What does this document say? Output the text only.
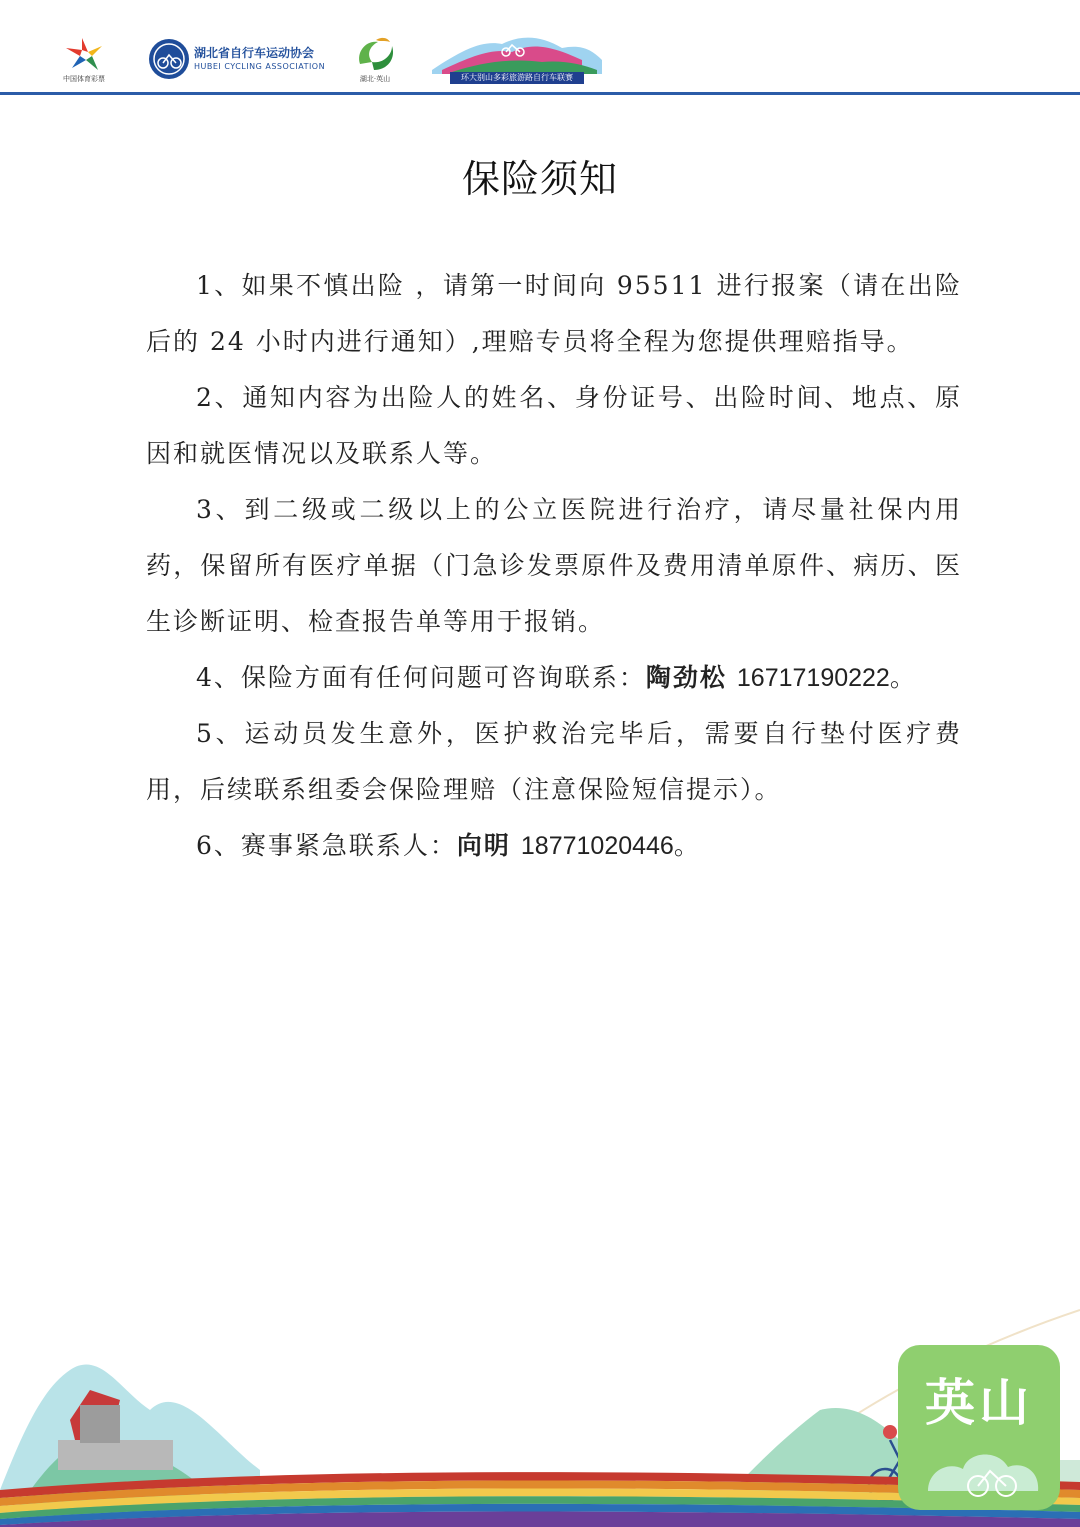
中国体育彩票
湖北省自行车运动协会
HUBEI CYCLING ASSOCIATION
湖北·英山	环大别山多彩旅游路自行车联赛
保险须知

1、如果不慎出险 ，请第一时间向 95511 进行报案（请在出险后的 24 小时内进行通知）,理赔专员将全程为您提供理赔指导。

2、通知内容为出险人的姓名、身份证号、出险时间、地点、原因和就医情况以及联系人等。

3、到二级或二级以上的公立医院进行治疗，请尽量社保内用药，保留所有医疗单据（门急诊发票原件及费用清单原件、病历、医生诊断证明、检查报告单等用于报销。

4、保险方面有任何问题可咨询联系：陶劲松 16717190222。

5、运动员发生意外，医护救治完毕后，需要自行垫付医疗费用，后续联系组委会保险理赔（注意保险短信提示）。

6、赛事紧急联系人：向明 18771020446。

英山
